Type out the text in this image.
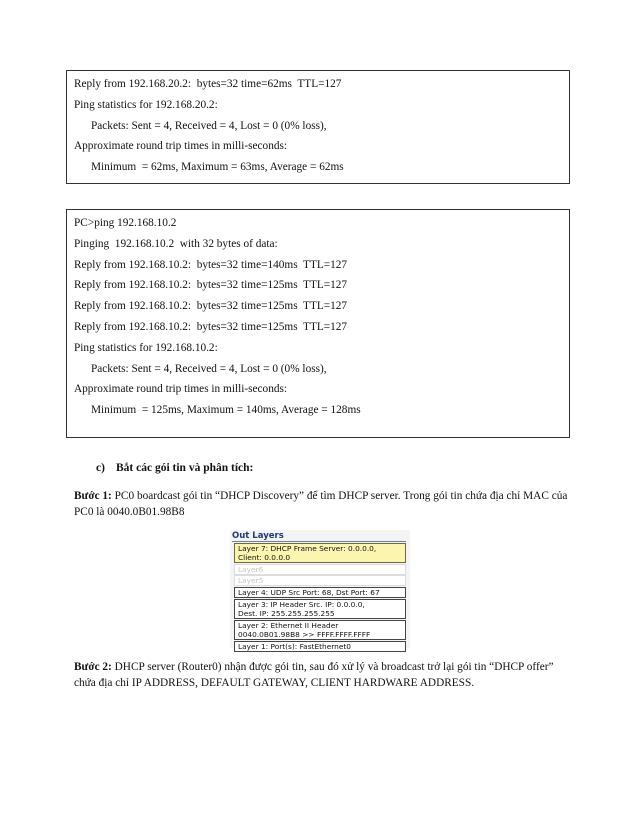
Reply from 192.168.20.2:  bytes=32 time=62ms  TTL=127
Ping statistics for 192.168.20.2:
Packets: Sent = 4, Received = 4, Lost = 0 (0% loss),
Approximate round trip times in milli-seconds:
Minimum  = 62ms, Maximum = 63ms, Average = 62ms
PC>ping 192.168.10.2
Pinging  192.168.10.2  with 32 bytes of data:
Reply from 192.168.10.2:  bytes=32 time=140ms  TTL=127
Reply from 192.168.10.2:  bytes=32 time=125ms  TTL=127
Reply from 192.168.10.2:  bytes=32 time=125ms  TTL=127
Reply from 192.168.10.2:  bytes=32 time=125ms  TTL=127
Ping statistics for 192.168.10.2:
Packets: Sent = 4, Received = 4, Lost = 0 (0% loss),
Approximate round trip times in milli-seconds:
Minimum  = 125ms, Maximum = 140ms, Average = 128ms
c) Bắt các gói tin và phân tích:
Bước 1: PC0 boardcast gói tin “DHCP Discovery” để tìm DHCP server. Trong gói tin chứa địa chỉ MAC của PC0 là 0040.0B01.98B8
Out Layers
Layer 7: DHCP Frame Server: 0.0.0.0,
Client: 0.0.0.0
Layer6
Layer5
Layer 4: UDP Src Port: 68, Dst Port: 67
Layer 3: IP Header Src. IP: 0.0.0.0,
Dest. IP: 255.255.255.255
Layer 2: Ethernet II Header
0040.0B01.98B8 >> FFFF.FFFF.FFFF
Layer 1: Port(s): FastEthernet0
Bước 2: DHCP server (Router0) nhận được gói tin, sau đó xử lý và broadcast trở lại gói tin “DHCP offer” chứa địa chỉ IP ADDRESS, DEFAULT GATEWAY, CLIENT HARDWARE ADDRESS.
